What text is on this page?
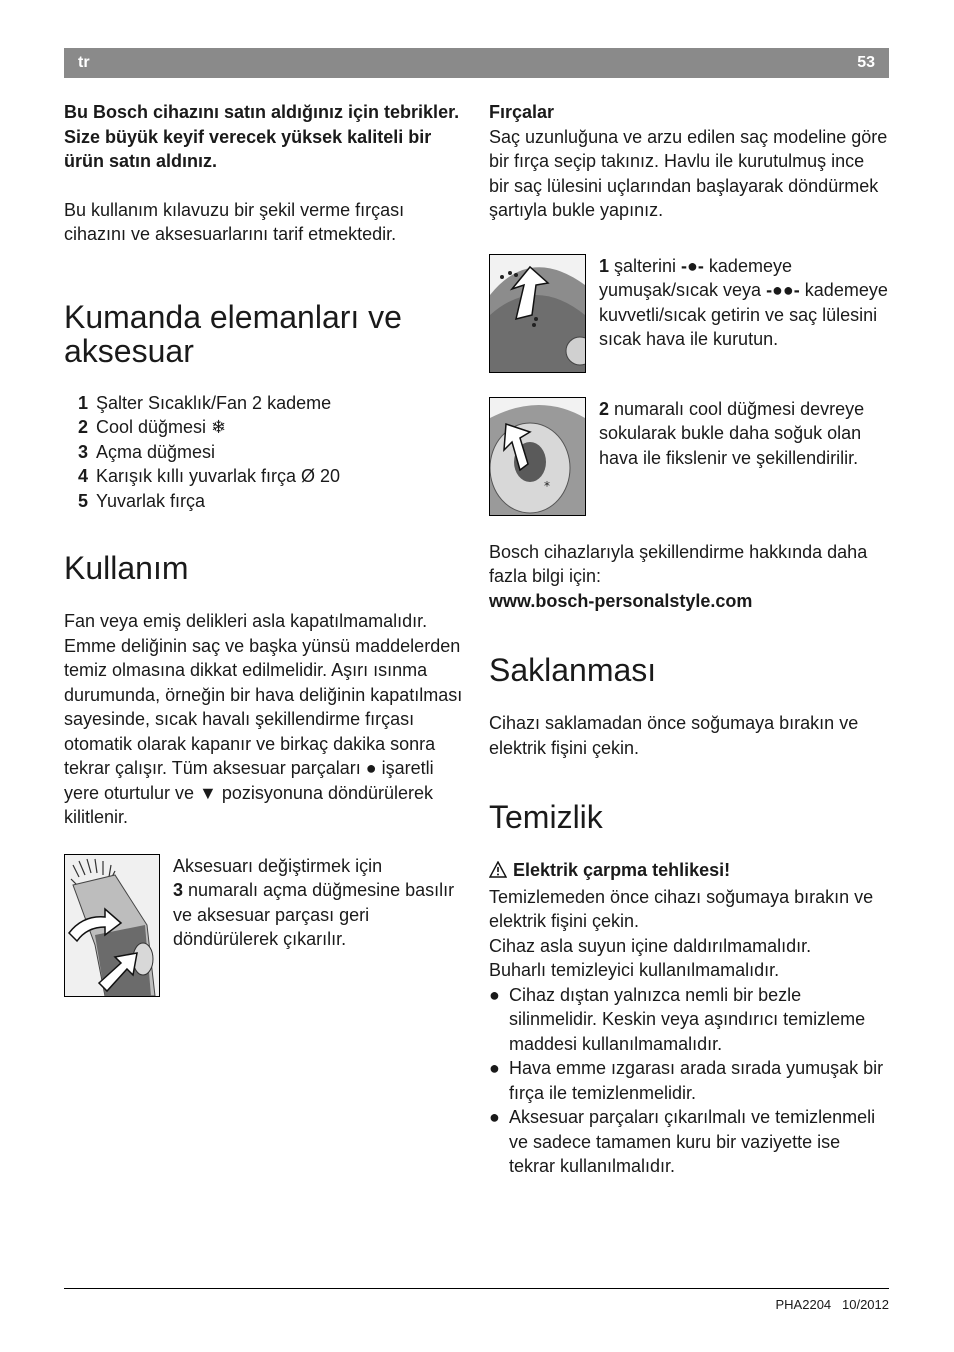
tr	53

Bu Bosch cihazını satın aldığınız için tebrikler.

Size büyük keyif verecek yüksek kaliteli bir ürün satın aldınız.

Bu kullanım kılavuzu bir şekil verme fırçası cihazını ve aksesuarlarını tarif etmektedir.

Kumanda elemanları ve aksesuar
1 Şalter Sıcaklık/Fan 2 kademe
2 Cool düğmesi ❄
3 Açma düğmesi
4 Karışık kıllı yuvarlak fırça Ø 20
5 Yuvarlak fırça
Kullanım

Fan veya emiş delikleri asla kapatılmamalıdır. Emme deliğinin saç ve başka yünsü maddelerden temiz olmasına dikkat edilmelidir. Aşırı ısınma durumunda, örneğin bir hava deliğinin kapatılması sayesinde, sıcak havalı şekillendirme fırçası otomatik olarak kapanır ve birkaç dakika sonra tekrar çalışır. Tüm aksesuar parçaları ● işaretli yere oturtulur ve ▼ pozisyonuna döndürülerek kilitlenir.

Aksesuarı değiştirmek için
3 numaralı açma düğmesine basılır ve aksesuar parçası geri döndürülerek çıkarılır.

Fırçalar

Saç uzunluğuna ve arzu edilen saç modeline göre bir fırça seçip takınız. Havlu ile kurutulmuş ince bir saç lülesini uçlarından başlayarak döndürmek şartıyla bukle yapınız.

1 şalterini -●- kademeye yumuşak/sıcak veya -●●- kademeye kuvvetli/sıcak getirin ve saç lülesini sıcak hava ile kurutun.

*

2 numaralı cool düğmesi devreye sokularak bukle daha soğuk olan hava ile fikslenir ve şekillendirilir.

Bosch cihazlarıyla şekillendirme hakkında daha fazla bilgi için:

www.bosch-personalstyle.com

Saklanması

Cihazı saklamadan önce soğumaya bırakın ve elektrik fişini çekin.

Temizlik

Elektrik çarpma tehlikesi!

Temizlemeden önce cihazı soğumaya bırakın ve elektrik fişini çekin.

Cihaz asla suyun içine daldırılmamalıdır.

Buharlı temizleyici kullanılmamalıdır.

● Cihaz dıştan yalnızca nemli bir bezle silinmelidir. Keskin veya aşındırıcı temizleme maddesi kullanılmamalıdır.
● Hava emme ızgarası arada sırada yumuşak bir fırça ile temizlenmelidir.
● Aksesuar parçaları çıkarılmalı ve temizlenmeli ve sadece tamamen kuru bir vaziyette ise tekrar kullanılmalıdır.
PHA2204 10/2012
